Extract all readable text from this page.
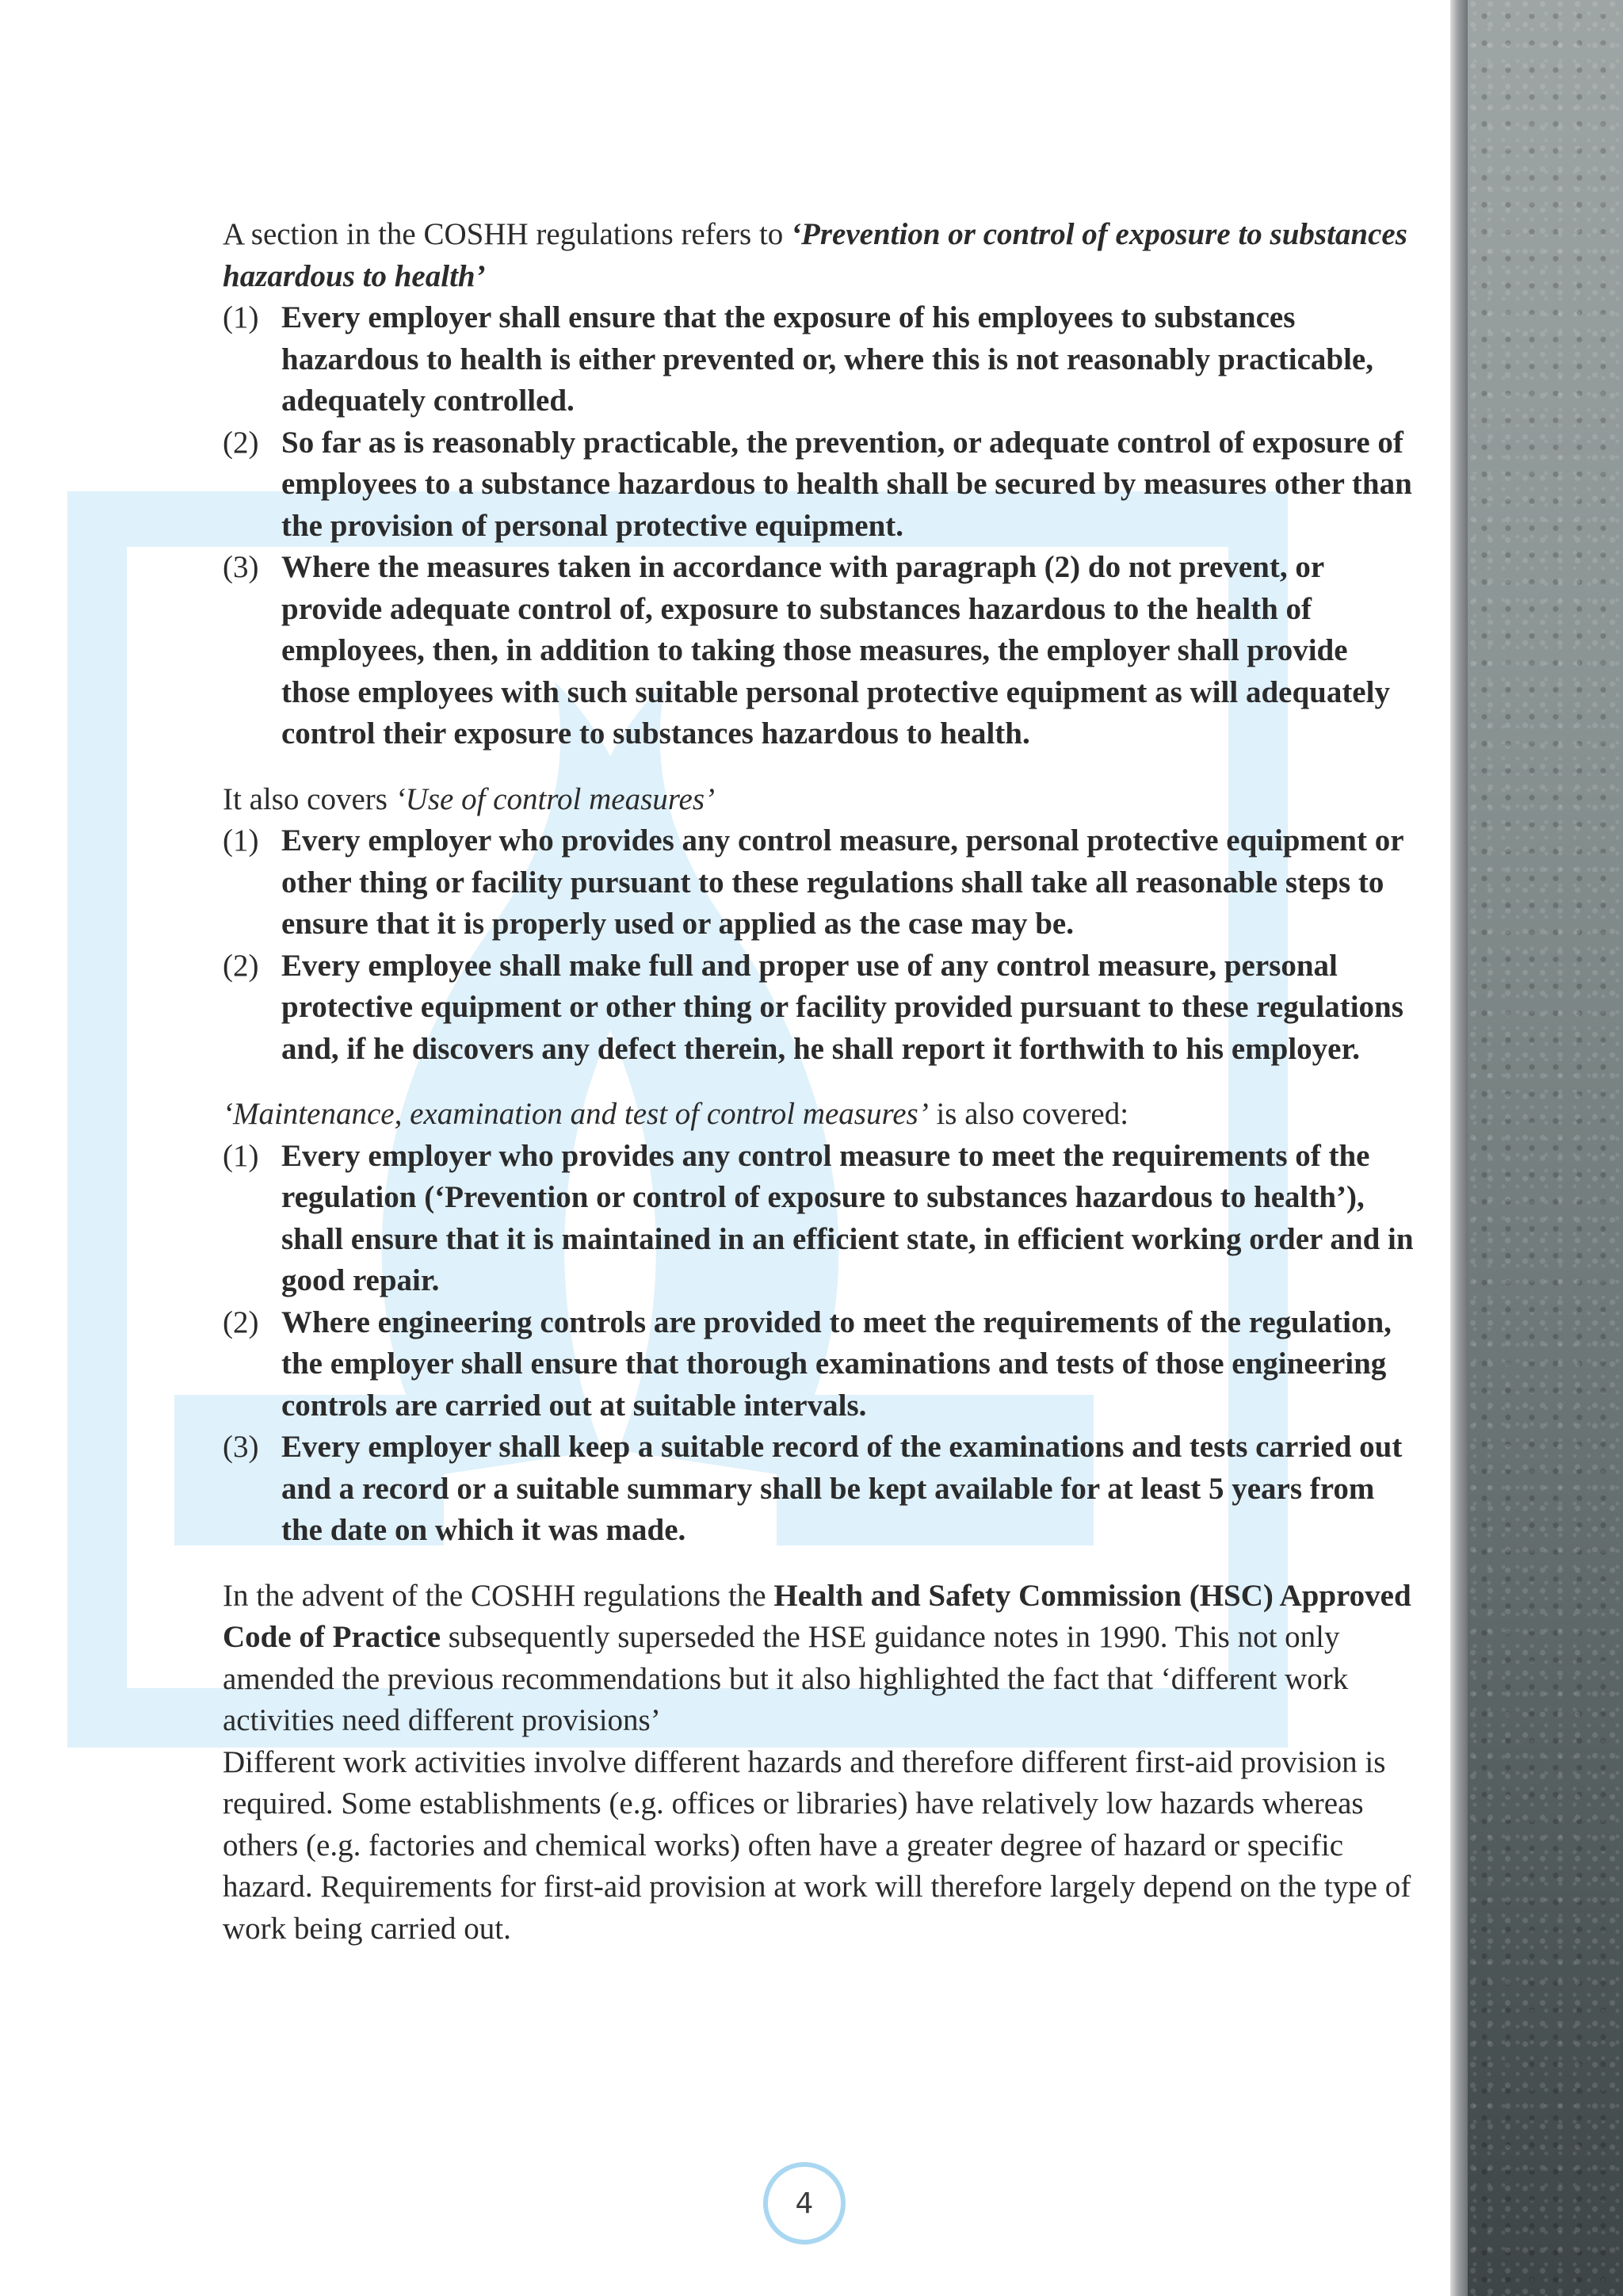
A section in the COSHH regulations refers to ‘Prevention or control of exposure to substances hazardous to health’

(1) Every employer shall ensure that the exposure of his employees to substances hazardous to health is either prevented or, where this is not reasonably practicable, adequately controlled.
(2) So far as is reasonably practicable, the prevention, or adequate control of exposure of employees to a substance hazardous to health shall be secured by measures other than the provision of personal protective equipment.
(3) Where the measures taken in accordance with paragraph (2) do not prevent, or provide adequate control of, exposure to substances hazardous to the health of employees, then, in addition to taking those measures, the employer shall provide those employees with such suitable personal protective equipment as will adequately control their exposure to substances hazardous to health.

It also covers ‘Use of control measures’

(1) Every employer who provides any control measure, personal protective equipment or other thing or facility pursuant to these regulations shall take all reasonable steps to ensure that it is properly used or applied as the case may be.
(2) Every employee shall make full and proper use of any control measure, personal protective equipment or other thing or facility provided pursuant to these regulations and, if he discovers any defect therein, he shall report it forthwith to his employer.

‘Maintenance, examination and test of control measures’ is also covered:

(1) Every employer who provides any control measure to meet the requirements of the regulation (‘Prevention or control of exposure to substances hazardous to health’), shall ensure that it is maintained in an efficient state, in efficient working order and in good repair.
(2) Where engineering controls are provided to meet the requirements of the regulation, the employer shall ensure that thorough examinations and tests of those engineering controls are carried out at suitable intervals.
(3) Every employer shall keep a suitable record of the examinations and tests carried out and a record or a suitable summary shall be kept available for at least 5 years from the date on which it was made.

In the advent of the COSHH regulations the Health and Safety Commission (HSC) Approved Code of Practice subsequently superseded the HSE guidance notes in 1990. This not only amended the previous recommendations but it also highlighted the fact that ‘different work activities need different provisions’

Different work activities involve different hazards and therefore different first-aid provision is required. Some establishments (e.g. offices or libraries) have relatively low hazards whereas others (e.g. factories and chemical works) often have a greater degree of hazard or specific hazard. Requirements for first-aid provision at work will therefore largely depend on the type of work being carried out.

4
